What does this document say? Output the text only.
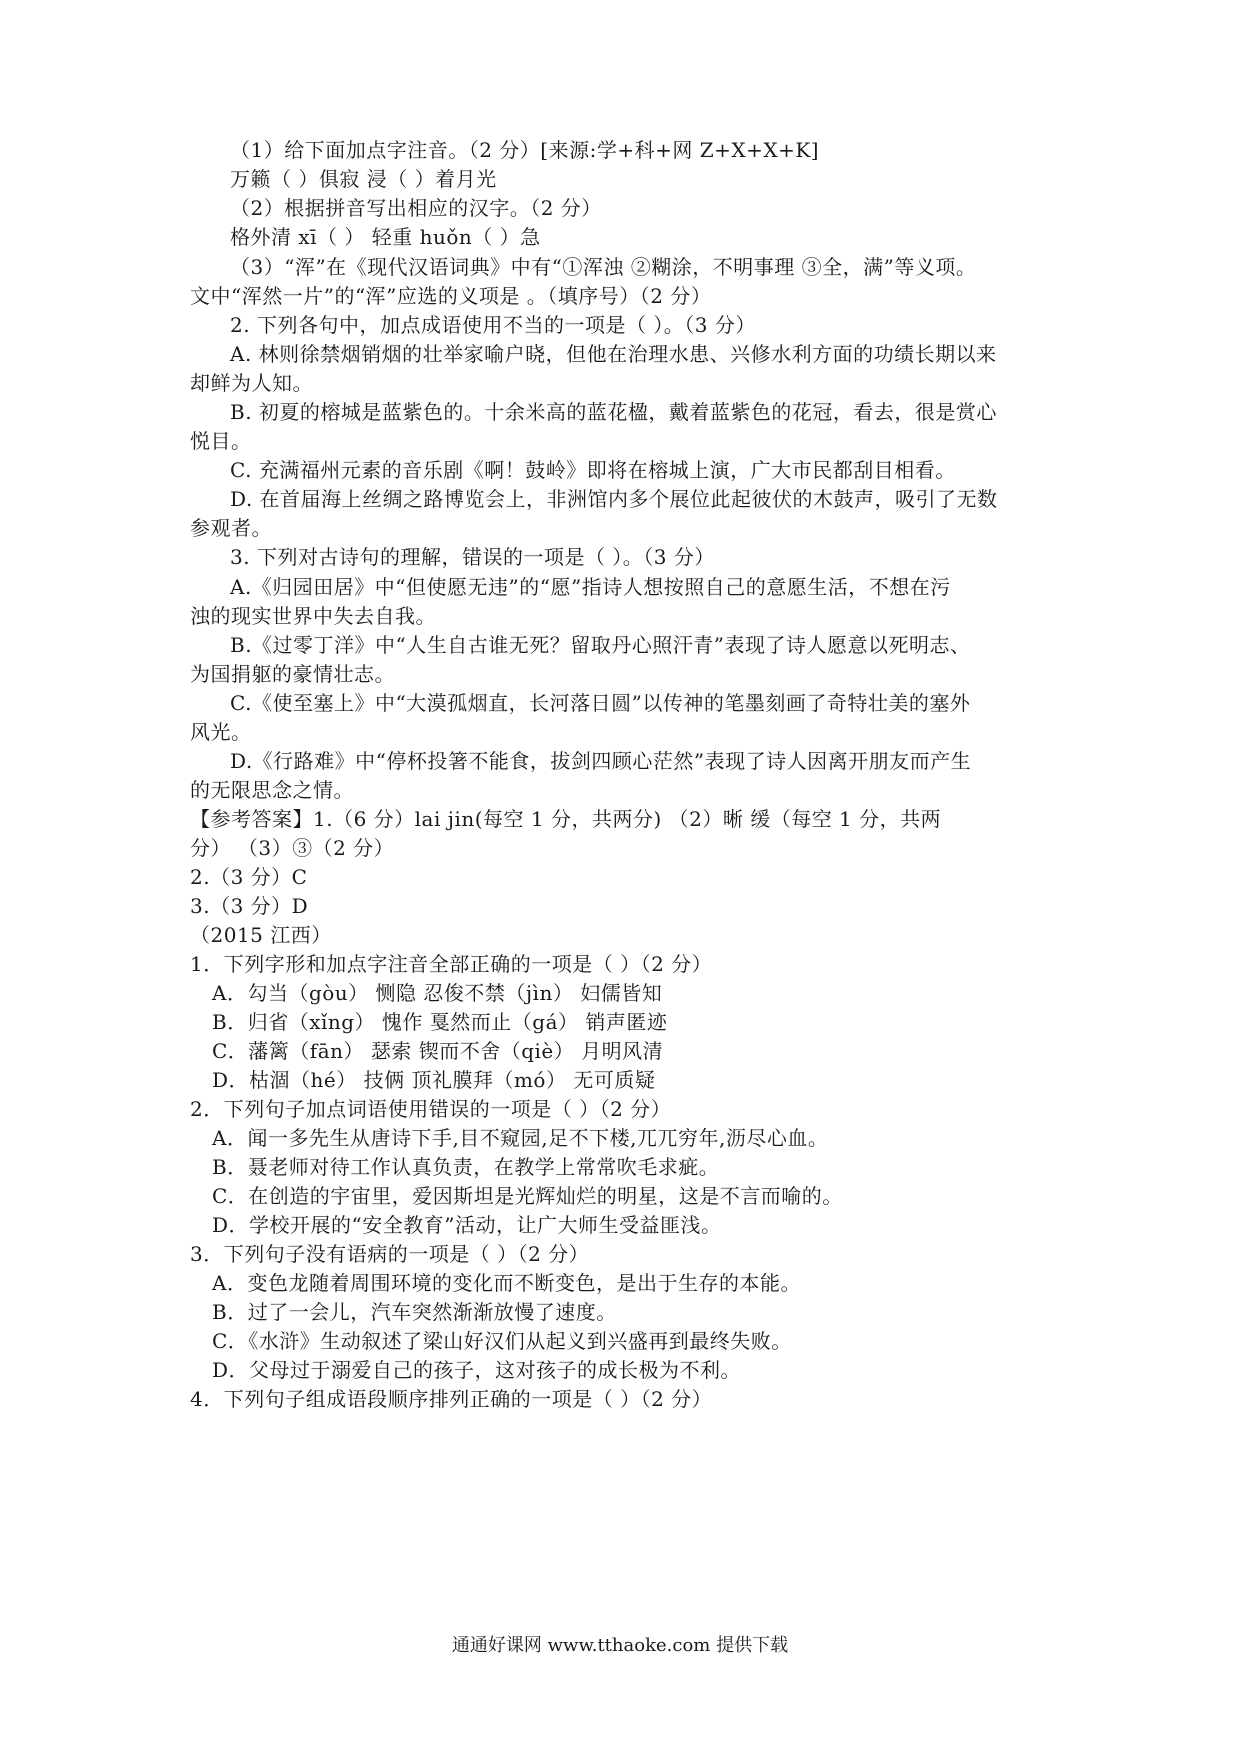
（1）给下面加点字注音。（2 分）[来源:学+科+网 Z+X+X+K]
万籁（ ）俱寂 浸（ ）着月光
（2）根据拼音写出相应的汉字。（2 分）
格外清 xī（ ） 轻重 huǒn（ ）急
（3）“浑”在《现代汉语词典》中有“①浑浊 ②糊涂，不明事理 ③全，满”等义项。
文中“浑然一片”的“浑”应选的义项是 。（填序号）（2 分）
2. 下列各句中，加点成语使用不当的一项是（ ）。（3 分）
A. 林则徐禁烟销烟的壮举家喻户晓，但他在治理水患、兴修水利方面的功绩长期以来
却鲜为人知。
B. 初夏的榕城是蓝紫色的。十余米高的蓝花楹，戴着蓝紫色的花冠，看去，很是赏心
悦目。
C. 充满福州元素的音乐剧《啊！鼓岭》即将在榕城上演，广大市民都刮目相看。
D. 在首届海上丝绸之路博览会上，非洲馆内多个展位此起彼伏的木鼓声，吸引了无数
参观者。
3. 下列对古诗句的理解，错误的一项是（ ）。（3 分）
A.《归园田居》中“但使愿无违”的“愿”指诗人想按照自己的意愿生活，不想在污
浊的现实世界中失去自我。
B.《过零丁洋》中“人生自古谁无死？留取丹心照汗青”表现了诗人愿意以死明志、
为国捐躯的豪情壮志。
C.《使至塞上》中“大漠孤烟直，长河落日圆”以传神的笔墨刻画了奇特壮美的塞外
风光。
D.《行路难》中“停杯投箸不能食，拔剑四顾心茫然”表现了诗人因离开朋友而产生
的无限思念之情。
【参考答案】1.（6 分）lai jin(每空 1 分，共两分) （2）晰 缓（每空 1 分，共两
分） （3）③（2 分）
2.（3 分）C
3.（3 分）D
（2015 江西）
1．下列字形和加点字注音全部正确的一项是（ ）（2 分）
A．勾当（gòu） 恻隐 忍俊不禁（jìn） 妇儒皆知
B．归省（xǐng） 愧作 戛然而止（gá） 销声匿迹
C．藩篱（fān） 瑟索 锲而不舍（qiè） 月明风清
D．枯涸（hé） 技俩 顶礼膜拜（mó） 无可质疑
2．下列句子加点词语使用错误的一项是（ ）（2 分）
A．闻一多先生从唐诗下手,目不窥园,足不下楼,兀兀穷年,沥尽心血。
B．聂老师对待工作认真负责，在教学上常常吹毛求疵。
C．在创造的宇宙里，爱因斯坦是光辉灿烂的明星，这是不言而喻的。
D．学校开展的“安全教育”活动，让广大师生受益匪浅。
3．下列句子没有语病的一项是（ ）（2 分）
A．变色龙随着周围环境的变化而不断变色，是出于生存的本能。
B．过了一会儿，汽车突然渐渐放慢了速度。
C．《水浒》生动叙述了梁山好汉们从起义到兴盛再到最终失败。
D．父母过于溺爱自己的孩子，这对孩子的成长极为不利。
4．下列句子组成语段顺序排列正确的一项是（ ）（2 分）
通通好课网 www.tthaoke.com 提供下载
